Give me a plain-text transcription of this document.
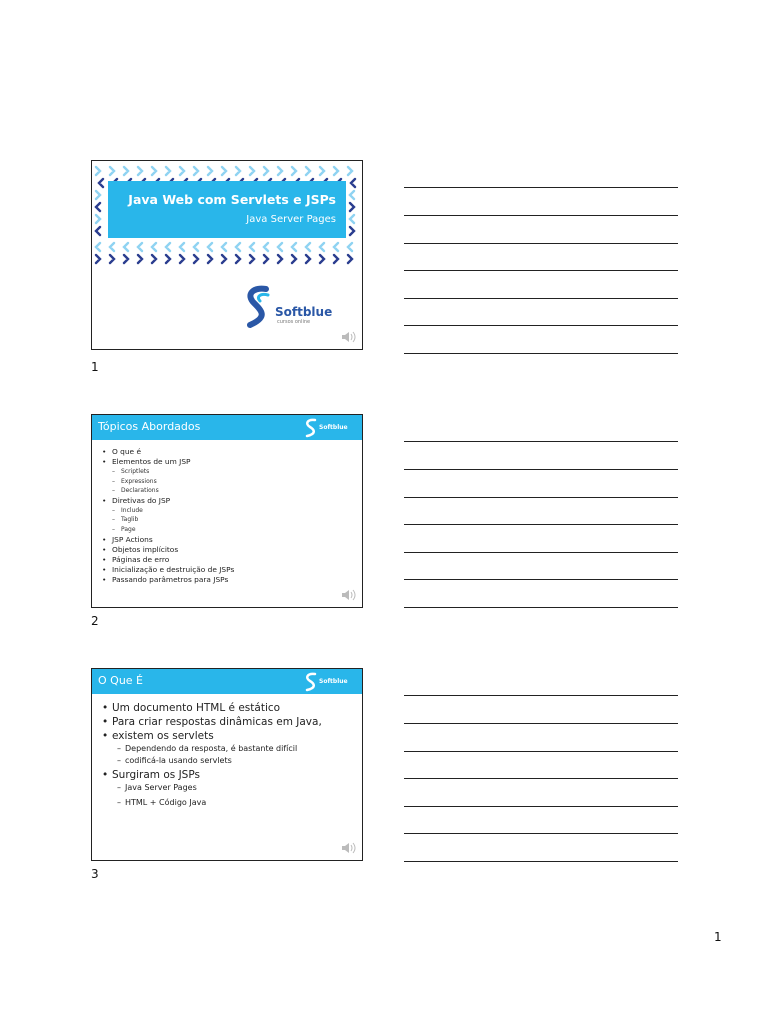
Java Web com Servlets e JSPs
Java Server Pages
Softblue
cursos online
1
Tópicos Abordados	Softblue
• O que é
• Elementos de um JSP
– Scriptlets
– Expressions
– Declarations
• Diretivas do JSP
– Include
– Taglib
– Page
• JSP Actions
• Objetos implícitos
• Páginas de erro
• Inicialização e destruição de JSPs
• Passando parâmetros para JSPs
2
O Que É	Softblue
• Um documento HTML é estático
• Para criar respostas dinâmicas em Java,
• existem os servlets
– Dependendo da resposta, é bastante difícil
– codificá-la usando servlets
• Surgiram os JSPs
– Java Server Pages
– HTML + Código Java
3
1
